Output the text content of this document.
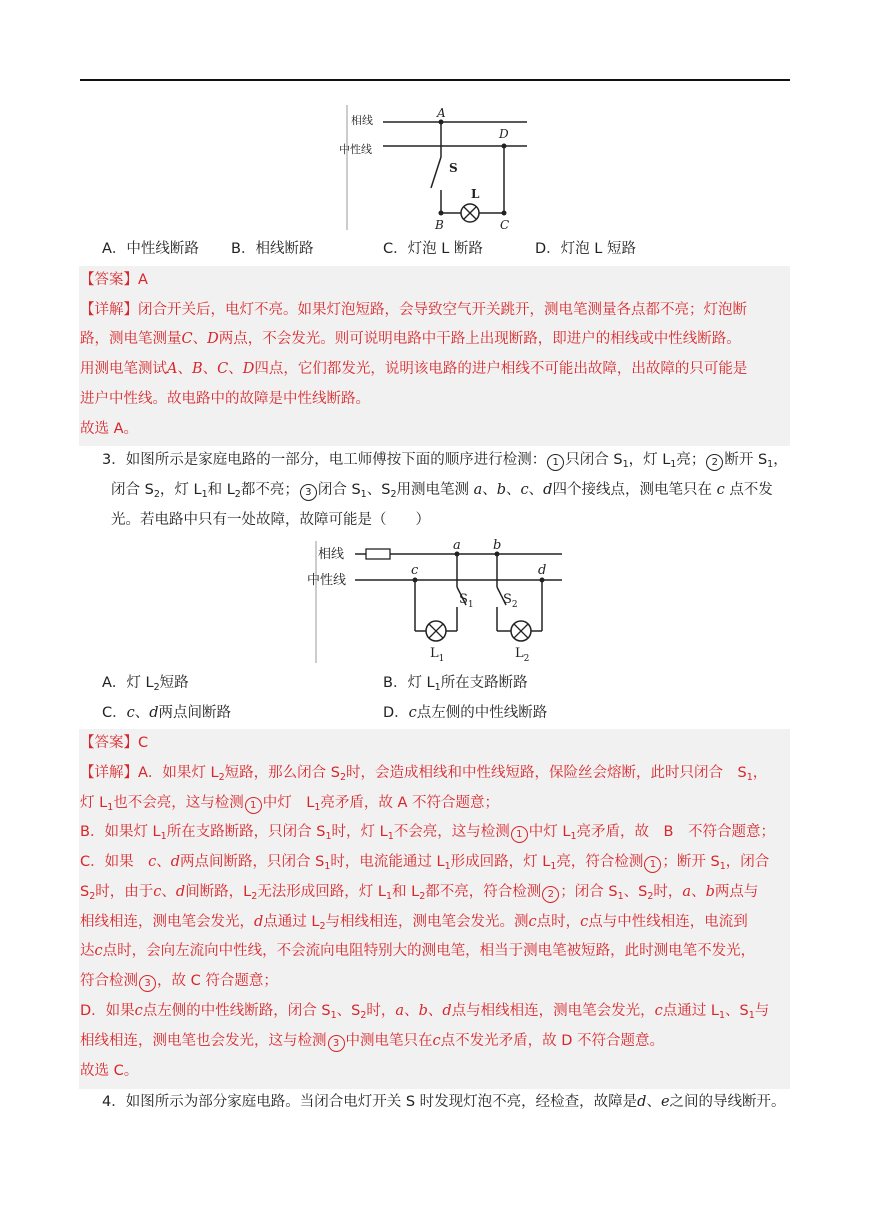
相线
中性线
A
D
S
L
B	C
A．中性线断路 B．相线断路	C．灯泡 L 断路	D．灯泡 L 短路
【答案】A
【详解】闭合开关后，电灯不亮。如果灯泡短路，会导致空气开关跳开，测电笔测量各点都不亮；灯泡断
路，测电笔测量C、D两点，不会发光。则可说明电路中干路上出现断路，即进户的相线或中性线断路。
用测电笔测试A、B、C、D四点，它们都发光，说明该电路的进户相线不可能出故障，出故障的只可能是
进户中性线。故电路中的故障是中性线断路。
故选 A。
3．如图所示是家庭电路的一部分，电工师傅按下面的顺序进行检测： 1 只闭合 $S_1$，灯 $L_1$亮； 2 断开 $S_1$，
闭合 $S_2$，灯 $L_1$和 $L_2$都不亮； 3 闭合 $S_1$、$S_2$用测电笔测 a、b、c、d四个接线点，测电笔只在 c 点不发
光。若电路中只有一处故障，故障可能是（　　）
相线
中性线
a b
c	d
$S_1$
$L_1$
$S_2$
$L_2$
A．灯 $L_2$短路	B．灯 $L_1$所在支路断路
C．c、d两点间断路	D．c点左侧的中性线断路
【答案】C
【详解】A．如果灯 $L_2$短路，那么闭合 $S_2$时，会造成相线和中性线短路，保险丝会熔断，此时只闭合　$S_1$，
灯 $L_1$也不会亮，这与检测 1 中灯　$L_1$亮矛盾，故 A 不符合题意；
B．如果灯 $L_1$所在支路断路，只闭合 $S_1$时，灯 $L_1$不会亮，这与检测 1 中灯 $L_1$亮矛盾，故　B　不符合题意；
C．如果　c、d两点间断路，只闭合 $S_1$时，电流能通过 $L_1$形成回路，灯 $L_1$亮，符合检测 1 ；断开 $S_1$，闭合
$S_2$时，由于c、d间断路，$L_2$无法形成回路，灯 $L_1$和 $L_2$都不亮，符合检测 2 ；闭合 $S_1$、$S_2$时，a、b两点与
相线相连，测电笔会发光，d点通过 $L_2$与相线相连，测电笔会发光。测c点时，c点与中性线相连，电流到
达c点时，会向左流向中性线，不会流向电阻特别大的测电笔，相当于测电笔被短路，此时测电笔不发光，
符合检测 3 ，故 C 符合题意；
D．如果c点左侧的中性线断路，闭合 $S_1$、$S_2$时，a、b、d点与相线相连，测电笔会发光，c点通过 $L_1$、$S_1$与
相线相连，测电笔也会发光，这与检测 3 中测电笔只在c点不发光矛盾，故 D 不符合题意。
故选 C。
4．如图所示为部分家庭电路。当闭合电灯开关 S 时发现灯泡不亮，经检查，故障是d、e之间的导线断开。
